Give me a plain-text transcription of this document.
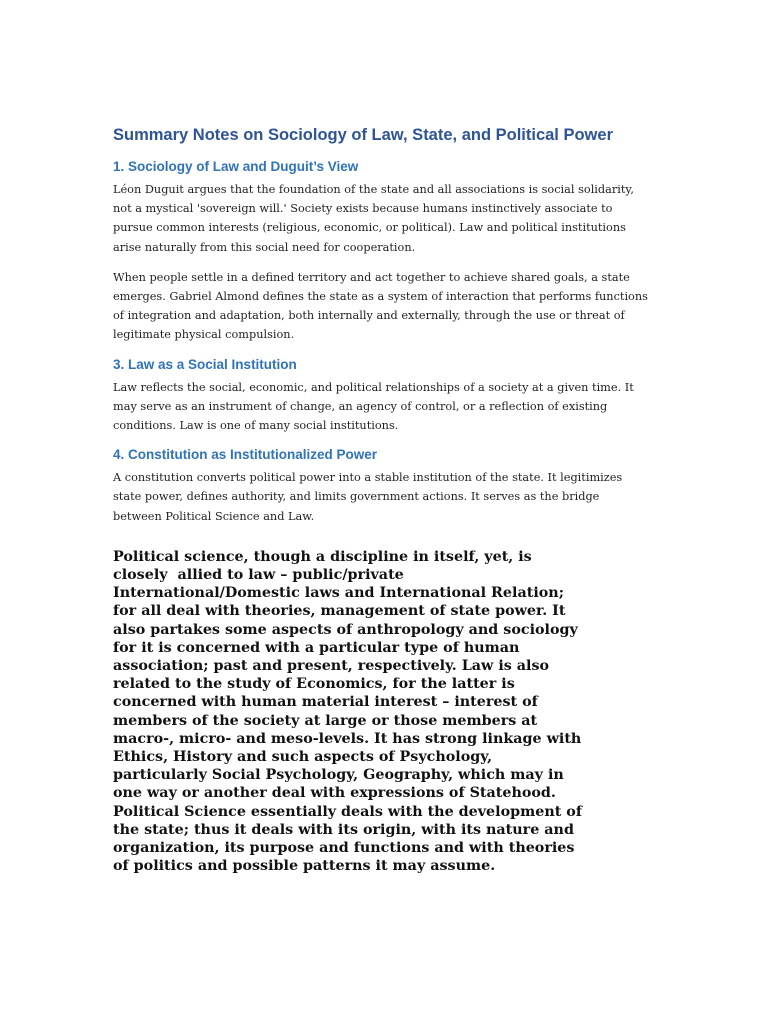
Summary Notes on Sociology of Law, State, and Political Power
1. Sociology of Law and Duguit’s View

Léon Duguit argues that the foundation of the state and all associations is social solidarity, not a mystical 'sovereign will.' Society exists because humans instinctively associate to pursue common interests (religious, economic, or political). Law and political institutions arise naturally from this social need for cooperation.

When people settle in a defined territory and act together to achieve shared goals, a state emerges. Gabriel Almond defines the state as a system of interaction that performs functions of integration and adaptation, both internally and externally, through the use or threat of legitimate physical compulsion.

3. Law as a Social Institution

Law reflects the social, economic, and political relationships of a society at a given time. It may serve as an instrument of change, an agency of control, or a reflection of existing conditions. Law is one of many social institutions.

4. Constitution as Institutionalized Power

A constitution converts political power into a stable institution of the state. It legitimizes state power, defines authority, and limits government actions. It serves as the bridge between Political Science and Law.

Political science, though a discipline in itself, yet, is
closely  allied to law – public/private
International/Domestic laws and International Relation;
for all deal with theories, management of state power. It
also partakes some aspects of anthropology and sociology
for it is concerned with a particular type of human
association; past and present, respectively. Law is also
related to the study of Economics, for the latter is
concerned with human material interest – interest of
members of the society at large or those members at
macro-, micro- and meso-levels. It has strong linkage with
Ethics, History and such aspects of Psychology,
particularly Social Psychology, Geography, which may in
one way or another deal with expressions of Statehood.
Political Science essentially deals with the development of
the state; thus it deals with its origin, with its nature and
organization, its purpose and functions and with theories
of politics and possible patterns it may assume.
